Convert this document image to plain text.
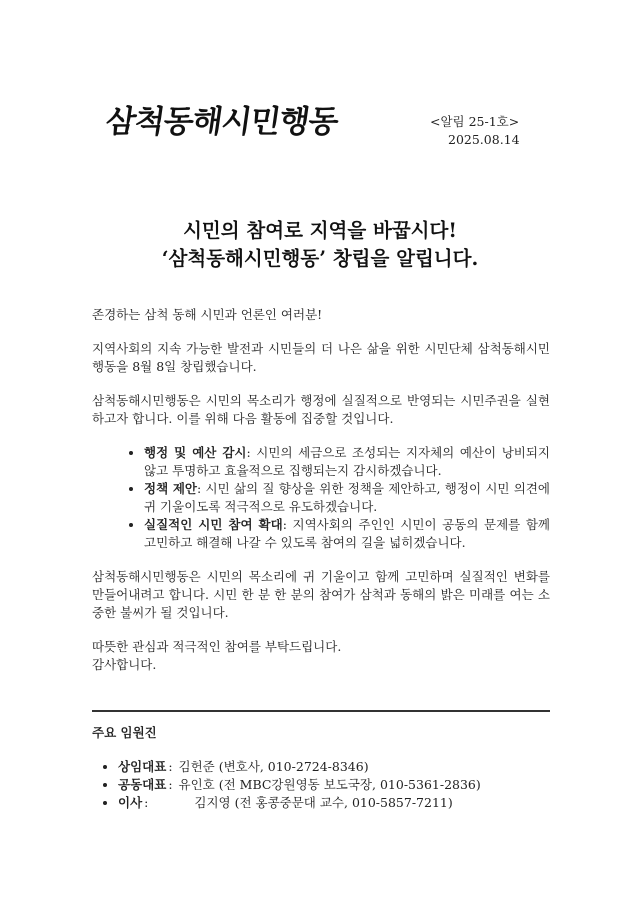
삼척동해시민행동	<알림 25-1호>
2025.08.14
시민의 참여로 지역을 바꿉시다!
‘삼척동해시민행동’ 창립을 알립니다.

존경하는 삼척 동해 시민과 언론인 여러분!

지역사회의 지속 가능한 발전과 시민들의 더 나은 삶을 위한 시민단체 삼척동해시민행동을 8월 8일 창립했습니다.

삼척동해시민행동은 시민의 목소리가 행정에 실질적으로 반영되는 시민주권을 실현하고자 합니다. 이를 위해 다음 활동에 집중할 것입니다.

• 행정 및 예산 감시: 시민의 세금으로 조성되는 지자체의 예산이 낭비되지 않고 투명하고 효율적으로 집행되는지 감시하겠습니다.
• 정책 제안: 시민 삶의 질 향상을 위한 정책을 제안하고, 행정이 시민 의견에 귀 기울이도록 적극적으로 유도하겠습니다.
• 실질적인 시민 참여 확대: 지역사회의 주인인 시민이 공동의 문제를 함께 고민하고 해결해 나갈 수 있도록 참여의 길을 넓히겠습니다.

삼척동해시민행동은 시민의 목소리에 귀 기울이고 함께 고민하며 실질적인 변화를 만들어내려고 합니다. 시민 한 분 한 분의 참여가 삼척과 동해의 밝은 미래를 여는 소중한 불씨가 될 것입니다.

따뜻한 관심과 적극적인 참여를 부탁드립니다.
감사합니다.

주요 임원진
• 상임대표 : 김헌준 (변호사, 010-2724-8346)
• 공동대표 : 유인호 (전 MBC강원영동 보도국장, 010-5361-2836)
• 이사 :	김지영 (전 홍콩중문대 교수, 010-5857-7211)
